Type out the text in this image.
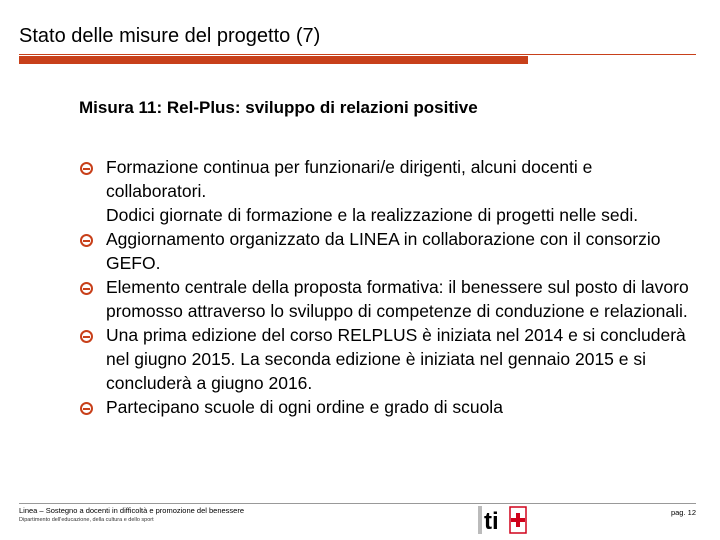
Stato delle misure del progetto (7)
Misura 11: Rel-Plus: sviluppo di relazioni positive
Formazione continua per funzionari/e dirigenti, alcuni docenti e collaboratori.
Dodici giornate di formazione e la realizzazione di progetti nelle sedi.
Aggiornamento organizzato da LINEA in collaborazione con il consorzio GEFO.
Elemento centrale della proposta formativa: il benessere sul posto di lavoro promosso attraverso lo sviluppo di competenze di conduzione e relazionali.
Una prima edizione del corso RELPLUS è iniziata nel 2014 e si concluderà nel giugno 2015. La seconda edizione è iniziata nel gennaio 2015 e si concluderà a giugno 2016.
Partecipano scuole di ogni ordine e grado di scuola
Linea – Sostegno a docenti in difficoltà e promozione del benessere
Dipartimento dell'educazione, della cultura e dello sport	ti	pag. 12
